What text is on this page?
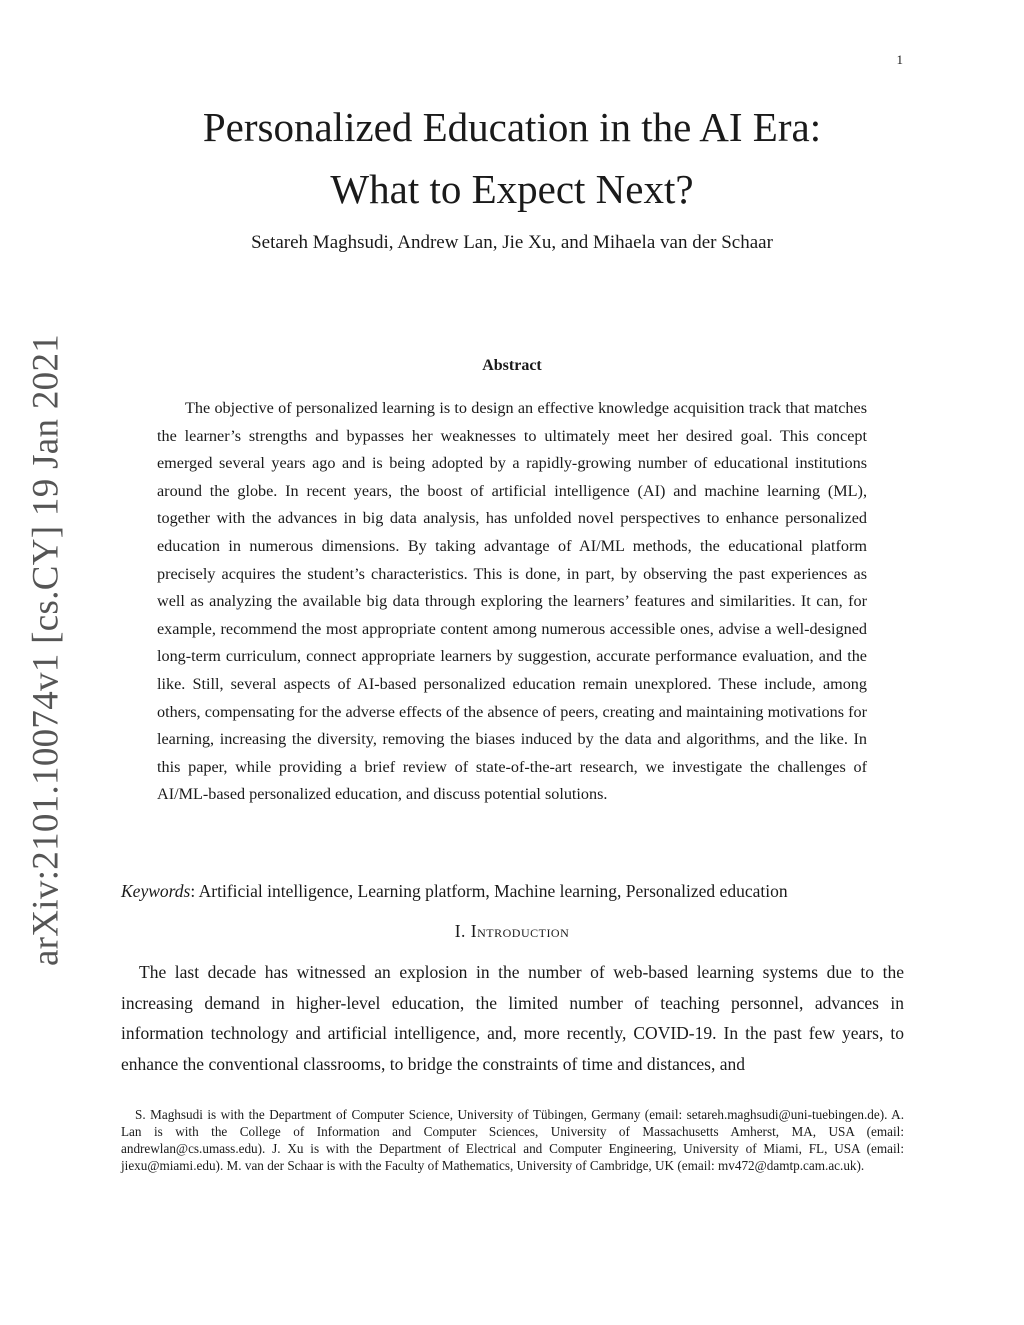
1
arXiv:2101.10074v1 [cs.CY] 19 Jan 2021
Personalized Education in the AI Era:
What to Expect Next?
Setareh Maghsudi, Andrew Lan, Jie Xu, and Mihaela van der Schaar
Abstract

The objective of personalized learning is to design an effective knowledge acquisition track that matches the learner’s strengths and bypasses her weaknesses to ultimately meet her desired goal. This concept emerged several years ago and is being adopted by a rapidly-growing number of educational institutions around the globe. In recent years, the boost of artificial intelligence (AI) and machine learning (ML), together with the advances in big data analysis, has unfolded novel perspectives to enhance personalized education in numerous dimensions. By taking advantage of AI/ML methods, the educational platform precisely acquires the student’s characteristics. This is done, in part, by observing the past experiences as well as analyzing the available big data through exploring the learners’ features and similarities. It can, for example, recommend the most appropriate content among numerous accessible ones, advise a well-designed long-term curriculum, connect appropriate learners by suggestion, accurate performance evaluation, and the like. Still, several aspects of AI-based personalized education remain unexplored. These include, among others, compensating for the adverse effects of the absence of peers, creating and maintaining motivations for learning, increasing the diversity, removing the biases induced by the data and algorithms, and the like. In this paper, while providing a brief review of state-of-the-art research, we investigate the challenges of AI/ML-based personalized education, and discuss potential solutions.

Keywords: Artificial intelligence, Learning platform, Machine learning, Personalized education
I. Introduction

The last decade has witnessed an explosion in the number of web-based learning systems due to the increasing demand in higher-level education, the limited number of teaching personnel, advances in information technology and artificial intelligence, and, more recently, COVID-19. In the past few years, to enhance the conventional classrooms, to bridge the constraints of time and distances, and

S. Maghsudi is with the Department of Computer Science, University of Tübingen, Germany (email: setareh.maghsudi@uni-tuebingen.de). A. Lan is with the College of Information and Computer Sciences, University of Massachusetts Amherst, MA, USA (email: andrewlan@cs.umass.edu). J. Xu is with the Department of Electrical and Computer Engineering, University of Miami, FL, USA (email: jiexu@miami.edu). M. van der Schaar is with the Faculty of Mathematics, University of Cambridge, UK (email: mv472@damtp.cam.ac.uk).
